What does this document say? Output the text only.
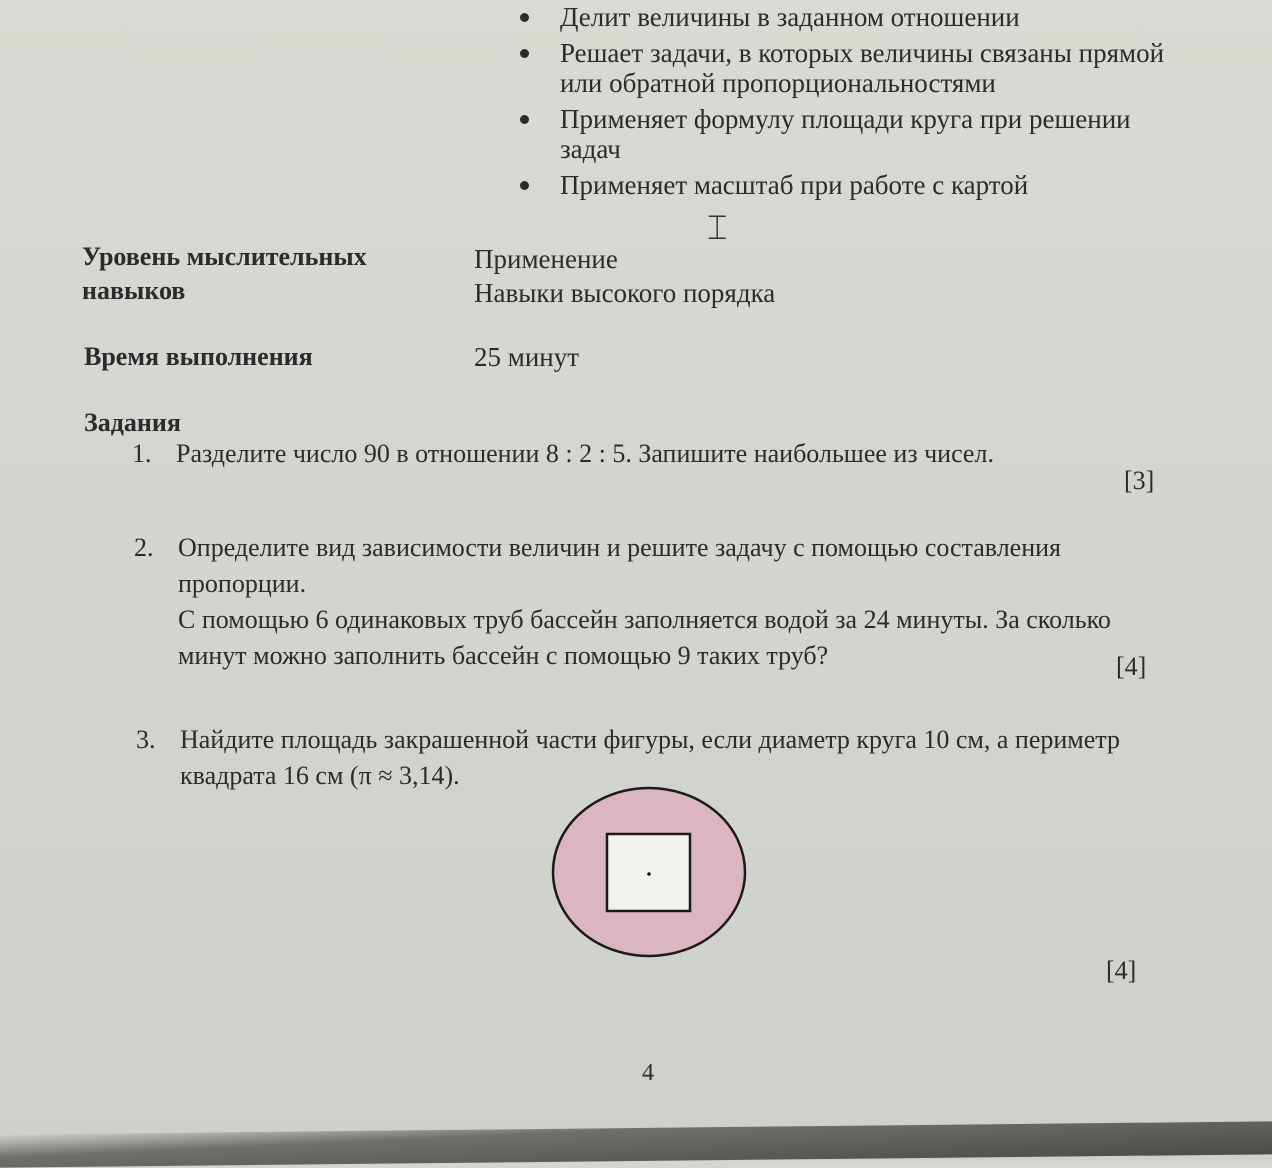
Делит величины в заданном отношении
Решает задачи, в которых величины связаны прямой или обратной пропорциональностями
Применяет формулу площади круга при решении задач
Применяет масштаб при работе с картой
⌶
Уровень мыслительных навыков
Применение
Навыки высокого порядка
Время выполнения	25 минут
Задания
1. Разделите число 90 в отношении 8 : 2 : 5. Запишите наибольшее из чисел.
[3]
2. Определите вид зависимости величин и решите задачу с помощью составления пропорции.
С помощью 6 одинаковых труб бассейн заполняется водой за 24 минуты. За сколько минут можно заполнить бассейн с помощью 9 таких труб?	[4]
3. Найдите площадь закрашенной части фигуры, если диаметр круга 10 см, а периметр квадрата 16 см (π ≈ 3,14).
[4]
4
